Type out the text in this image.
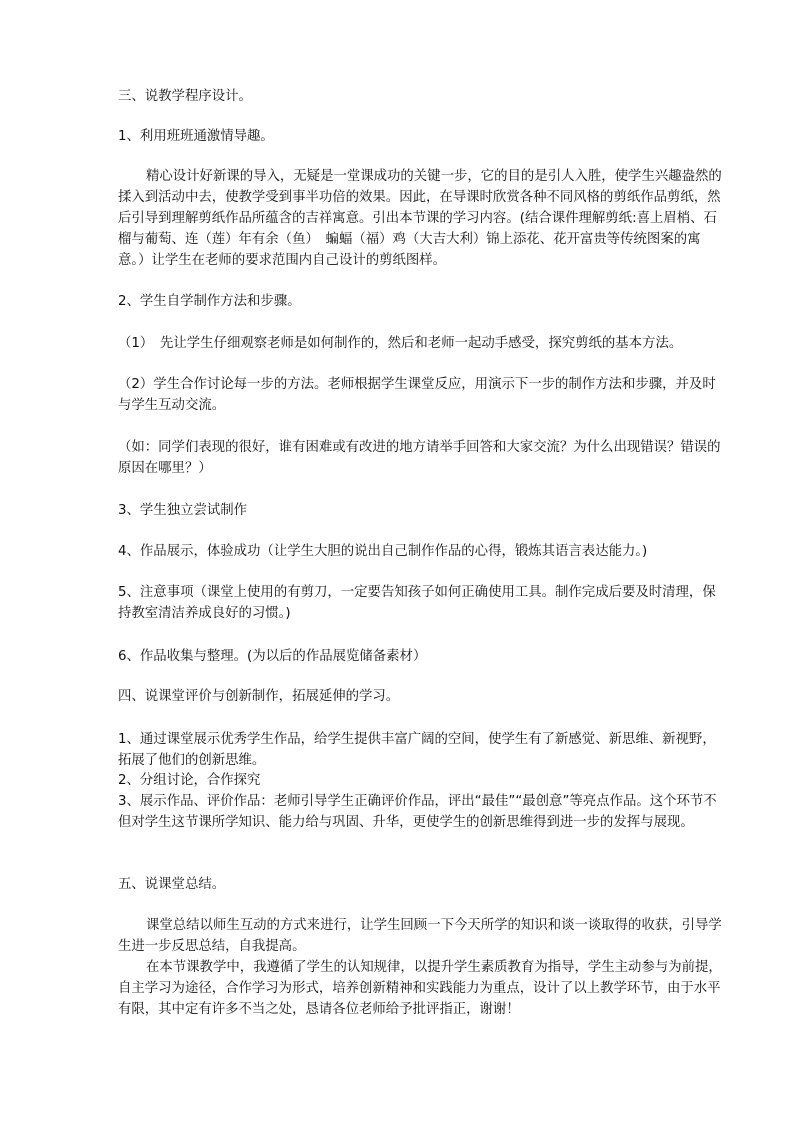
三、说教学程序设计。

1、利用班班通激情导趣。

精心设计好新课的导入，无疑是一堂课成功的关键一步，它的目的是引人入胜，使学生兴趣盎然的揉入到活动中去，使教学受到事半功倍的效果。因此，在导课时欣赏各种不同风格的剪纸作品剪纸，然后引导到理解剪纸作品所蕴含的吉祥寓意。引出本节课的学习内容。(结合课件理解剪纸:喜上眉梢、石榴与葡萄、连（莲）年有余（鱼）　蝙蝠（福）鸡（大吉大利）锦上添花、花开富贵等传统图案的寓意。）让学生在老师的要求范围内自己设计的剪纸图样。

2、学生自学制作方法和步骤。

（1）　先让学生仔细观察老师是如何制作的，然后和老师一起动手感受，探究剪纸的基本方法。

（2）学生合作讨论每一步的方法。老师根据学生课堂反应，用演示下一步的制作方法和步骤，并及时与学生互动交流。

（如：同学们表现的很好，谁有困难或有改进的地方请举手回答和大家交流？为什么出现错误？错误的原因在哪里？）

3、学生独立尝试制作

4、作品展示，体验成功（让学生大胆的说出自己制作作品的心得，锻炼其语言表达能力。)

5、注意事项（课堂上使用的有剪刀，一定要告知孩子如何正确使用工具。制作完成后要及时清理，保持教室清洁养成良好的习惯。)

6、作品收集与整理。(为以后的作品展览储备素材）

四、说课堂评价与创新制作，拓展延伸的学习。

1、通过课堂展示优秀学生作品，给学生提供丰富广阔的空间，使学生有了新感觉、新思维、新视野，拓展了他们的创新思维。

2、分组讨论，合作探究

3、展示作品、评价作品：老师引导学生正确评价作品，评出“最佳”“最创意”等亮点作品。这个环节不但对学生这节课所学知识、能力给与巩固、升华，更使学生的创新思维得到进一步的发挥与展现。

五、说课堂总结。

课堂总结以师生互动的方式来进行，让学生回顾一下今天所学的知识和谈一谈取得的收获，引导学生进一步反思总结，自我提高。

在本节课教学中，我遵循了学生的认知规律，以提升学生素质教育为指导，学生主动参与为前提，自主学习为途径，合作学习为形式，培养创新精神和实践能力为重点，设计了以上教学环节，由于水平有限，其中定有许多不当之处，恳请各位老师给予批评指正，谢谢！
